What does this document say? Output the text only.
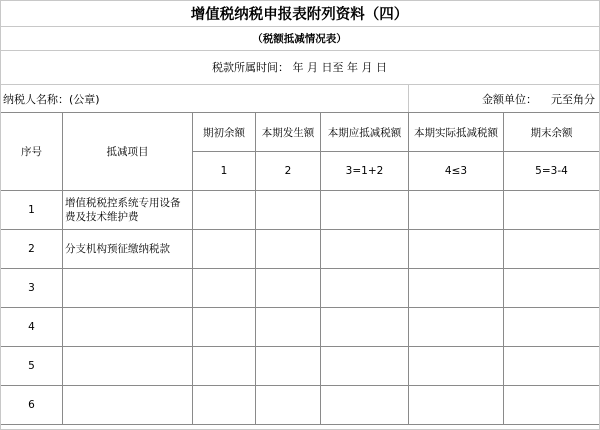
增值税纳税申报表附列资料（四）
（税额抵减情况表）
税款所属时间： 年 月 日至 年 月 日
纳税人名称：(公章)	金额单位： 元至角分
序号	抵减项目	期初余额	本期发生额	本期应抵减税额	本期实际抵减税额	期末余额
		1	2	3=1+2	4≤3	5=3-4
1	增值税税控系统专用设备费及技术维护费					
2	分支机构预征缴纳税款					
3						
4						
5						
6						
